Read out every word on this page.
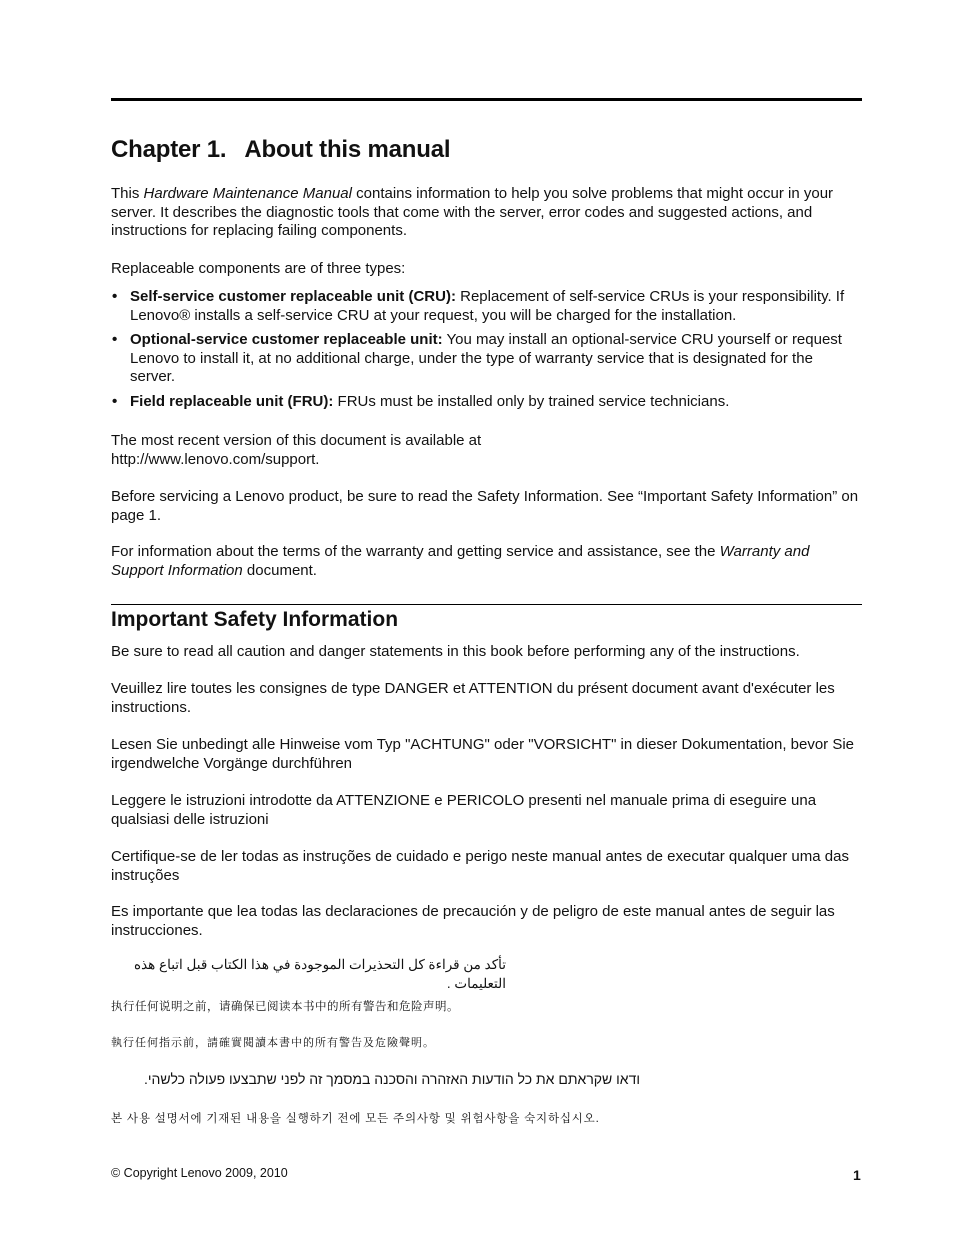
Chapter 1. About this manual

This Hardware Maintenance Manual contains information to help you solve problems that might occur in your server. It describes the diagnostic tools that come with the server, error codes and suggested actions, and instructions for replacing failing components.

Replaceable components are of three types:

• Self-service customer replaceable unit (CRU): Replacement of self-service CRUs is your responsibility. If Lenovo® installs a self-service CRU at your request, you will be charged for the installation.
• Optional-service customer replaceable unit: You may install an optional-service CRU yourself or request Lenovo to install it, at no additional charge, under the type of warranty service that is designated for the server.
• Field replaceable unit (FRU): FRUs must be installed only by trained service technicians.

The most recent version of this document is available at
http://www.lenovo.com/support.

Before servicing a Lenovo product, be sure to read the Safety Information. See “Important Safety Information” on page 1.

For information about the terms of the warranty and getting service and assistance, see the Warranty and Support Information document.

Important Safety Information

Be sure to read all caution and danger statements in this book before performing any of the instructions.

Veuillez lire toutes les consignes de type DANGER et ATTENTION du présent document avant d'exécuter les instructions.

Lesen Sie unbedingt alle Hinweise vom Typ "ACHTUNG" oder "VORSICHT" in dieser Dokumentation, bevor Sie irgendwelche Vorgänge durchführen

Leggere le istruzioni introdotte da ATTENZIONE e PERICOLO presenti nel manuale prima di eseguire una qualsiasi delle istruzioni

Certifique-se de ler todas as instruções de cuidado e perigo neste manual antes de executar qualquer uma das instruções

Es importante que lea todas las declaraciones de precaución y de peligro de este manual antes de seguir las instrucciones.

تأكد من قراءة كل التحذيرات الموجودة في هذا الكتاب قبل اتباع هذه التعليمات .

执行任何说明之前，请确保已阅读本书中的所有警告和危险声明。

執行任何指示前，請確實閱讀本書中的所有警告及危險聲明。

ודאו שקראתם את כל הודעות האזהרה והסכנה במסמך זה לפני שתבצעו פעולה כלשהי.

본 사용 설명서에 기재된 내용을 실행하기 전에 모든 주의사항 및 위험사항을 숙지하십시오.

© Copyright Lenovo 2009, 2010	1
